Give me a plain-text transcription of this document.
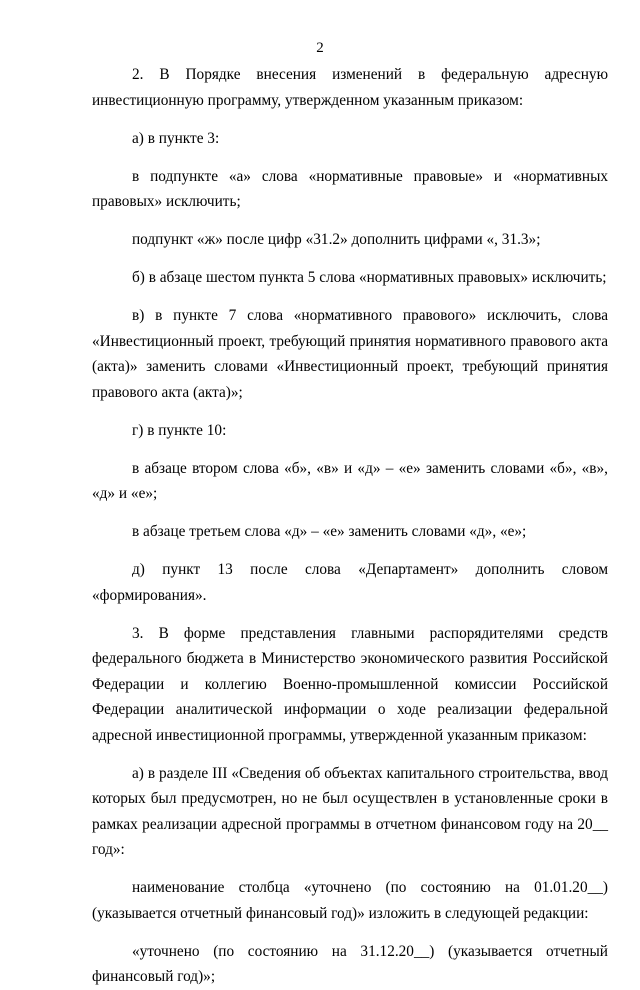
2

2. В Порядке внесения изменений в федеральную адресную инвестиционную программу, утвержденном указанным приказом:

а) в пункте 3:

в подпункте «а» слова «нормативные правовые» и «нормативных правовых» исключить;

подпункт «ж» после цифр «31.2» дополнить цифрами «, 31.3»;

б) в абзаце шестом пункта 5 слова «нормативных правовых» исключить;

в) в пункте 7 слова «нормативного правового» исключить, слова «Инвестиционный проект, требующий принятия нормативного правового акта (акта)» заменить словами «Инвестиционный проект, требующий принятия правового акта (акта)»;

г) в пункте 10:

в абзаце втором слова «б», «в» и «д» – «е» заменить словами «б», «в», «д» и «е»;

в абзаце третьем слова «д» – «е» заменить словами «д», «е»;

д) пункт 13 после слова «Департамент» дополнить словом «формирования».

3. В форме представления главными распорядителями средств федерального бюджета в Министерство экономического развития Российской Федерации и коллегию Военно-промышленной комиссии Российской Федерации аналитической информации о ходе реализации федеральной адресной инвестиционной программы, утвержденной указанным приказом:

а) в разделе III «Сведения об объектах капитального строительства, ввод которых был предусмотрен, но не был осуществлен в установленные сроки в рамках реализации адресной программы в отчетном финансовом году на 20__ год»:

наименование столбца «уточнено (по состоянию на 01.01.20__) (указывается отчетный финансовый год)» изложить в следующей редакции:

«уточнено (по состоянию на 31.12.20__) (указывается отчетный финансовый год)»;
